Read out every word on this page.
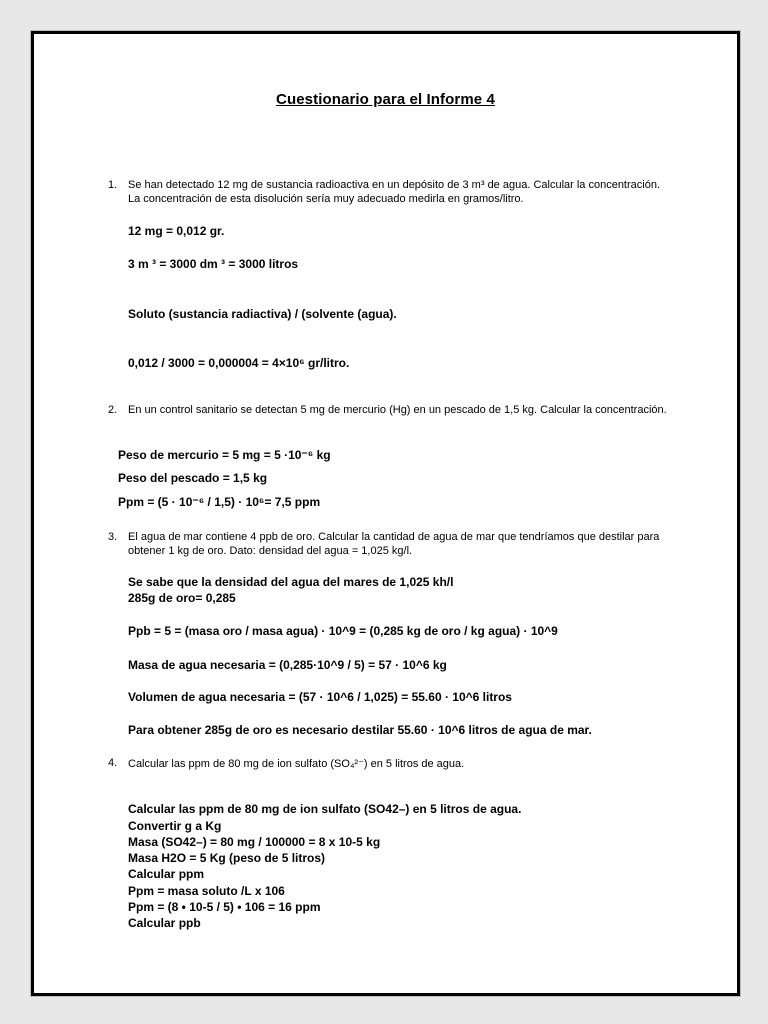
Cuestionario para el Informe 4
1. Se han detectado 12 mg de sustancia radioactiva en un depósito de 3 m³ de agua. Calcular la concentración.
La concentración de esta disolución sería muy adecuado medirla en gramos/litro.
12 mg = 0,012 gr.
3 m ³ = 3000 dm ³ = 3000 litros
Soluto (sustancia radiactiva) / (solvente (agua).
0,012 / 3000 = 0,000004 = 4×10⁶ gr/litro.
2. En un control sanitario se detectan 5 mg de mercurio (Hg) en un pescado de 1,5 kg. Calcular la concentración.
Peso de mercurio = 5 mg = 5 ·10⁻⁶ kg
Peso del pescado = 1,5 kg
Ppm = (5 · 10⁻⁶ / 1,5) · 10⁶= 7,5 ppm
3. El agua de mar contiene 4 ppb de oro. Calcular la cantidad de agua de mar que tendríamos que destilar para
obtener 1 kg de oro. Dato: densidad del agua = 1,025 kg/l.
Se sabe que la densidad del agua del mares de 1,025 kh/l
285g de oro= 0,285
Ppb = 5 = (masa oro / masa agua) · 10^9 = (0,285 kg de oro / kg agua) · 10^9
Masa de agua necesaria = (0,285·10^9 / 5) = 57 · 10^6 kg
Volumen de agua necesaria = (57 · 10^6 / 1,025) = 55.60 · 10^6 litros
Para obtener 285g de oro es necesario destilar 55.60 · 10^6 litros de agua de mar.
4. Calcular las ppm de 80 mg de ion sulfato (SO₄²⁻) en 5 litros de agua.
Calcular las ppm de 80 mg de ion sulfato (SO42–) en 5 litros de agua.
Convertir g a Kg
Masa (SO42–) = 80 mg / 100000 = 8 x 10-5 kg
Masa H2O = 5 Kg (peso de 5 litros)
Calcular ppm
Ppm = masa soluto /L x 106
Ppm = (8 • 10-5 / 5) • 106 = 16 ppm
Calcular ppb
